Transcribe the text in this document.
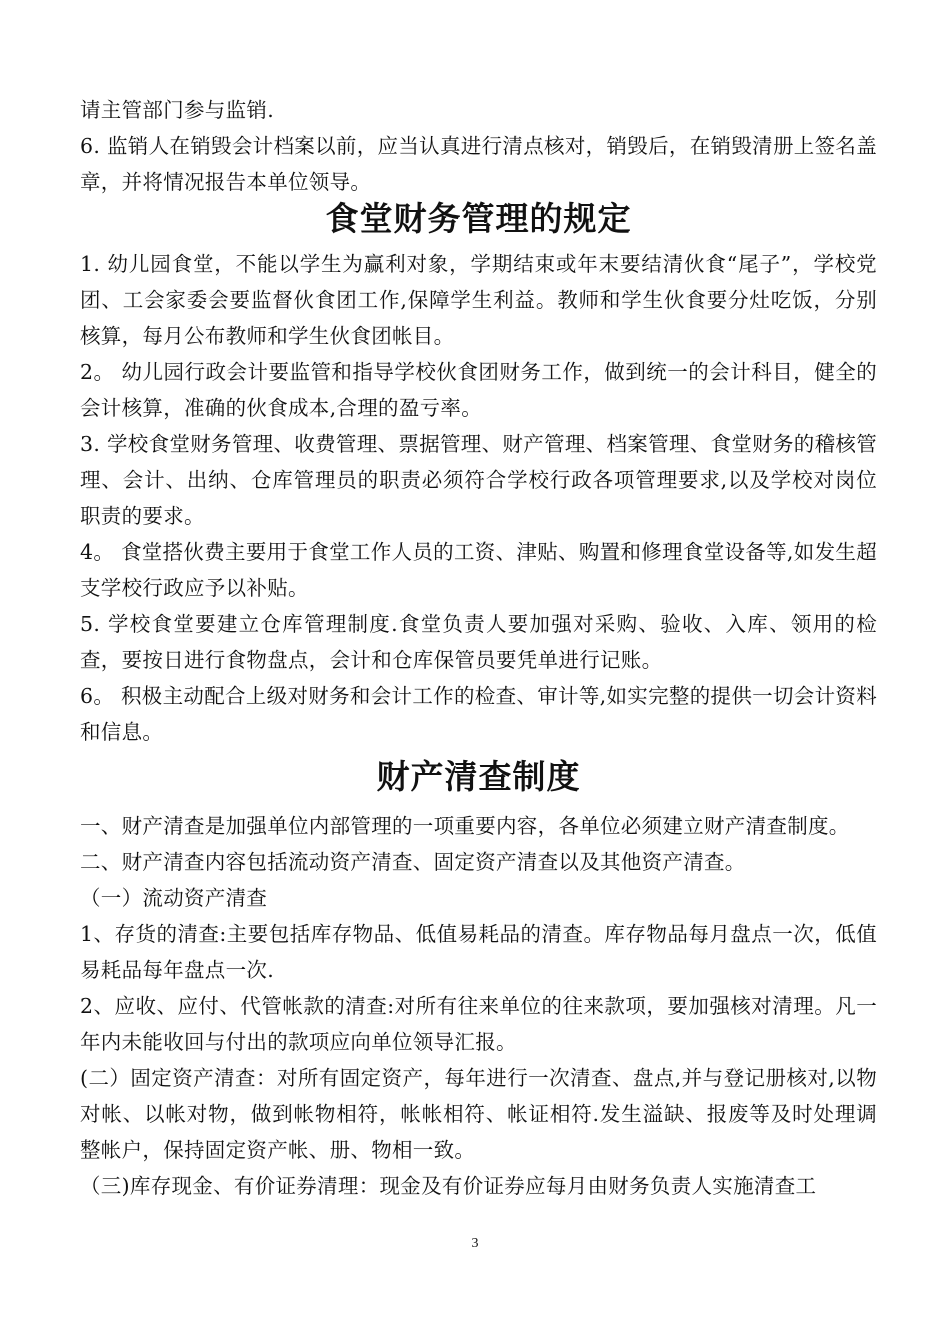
请主管部门参与监销.

6. 监销人在销毁会计档案以前，应当认真进行清点核对，销毁后，在销毁清册上签名盖章，并将情况报告本单位领导。

食堂财务管理的规定

1. 幼儿园食堂，不能以学生为赢利对象，学期结束或年末要结清伙食“尾子”，学校党团、工会家委会要监督伙食团工作,保障学生利益。教师和学生伙食要分灶吃饭，分别核算，每月公布教师和学生伙食团帐目。

2。 幼儿园行政会计要监管和指导学校伙食团财务工作，做到统一的会计科目，健全的会计核算，准确的伙食成本,合理的盈亏率。

3. 学校食堂财务管理、收费管理、票据管理、财产管理、档案管理、食堂财务的稽核管理、会计、出纳、仓库管理员的职责必须符合学校行政各项管理要求,以及学校对岗位职责的要求。

4。 食堂搭伙费主要用于食堂工作人员的工资、津贴、购置和修理食堂设备等,如发生超支学校行政应予以补贴。

5. 学校食堂要建立仓库管理制度.食堂负责人要加强对采购、验收、入库、领用的检查，要按日进行食物盘点，会计和仓库保管员要凭单进行记账。

6。 积极主动配合上级对财务和会计工作的检查、审计等,如实完整的提供一切会计资料和信息。

财产清查制度

一、财产清查是加强单位内部管理的一项重要内容，各单位必须建立财产清查制度。

二、财产清查内容包括流动资产清查、固定资产清查以及其他资产清查。

（一）流动资产清查

1、存货的清查:主要包括库存物品、低值易耗品的清查。库存物品每月盘点一次，低值易耗品每年盘点一次.

2、应收、应付、代管帐款的清查:对所有往来单位的往来款项，要加强核对清理。凡一年内未能收回与付出的款项应向单位领导汇报。

(二）固定资产清查：对所有固定资产，每年进行一次清查、盘点,并与登记册核对,以物对帐、以帐对物，做到帐物相符，帐帐相符、帐证相符.发生溢缺、报废等及时处理调整帐户，保持固定资产帐、册、物相一致。

（三)库存现金、有价证券清理：现金及有价证券应每月由财务负责人实施清查工

3
